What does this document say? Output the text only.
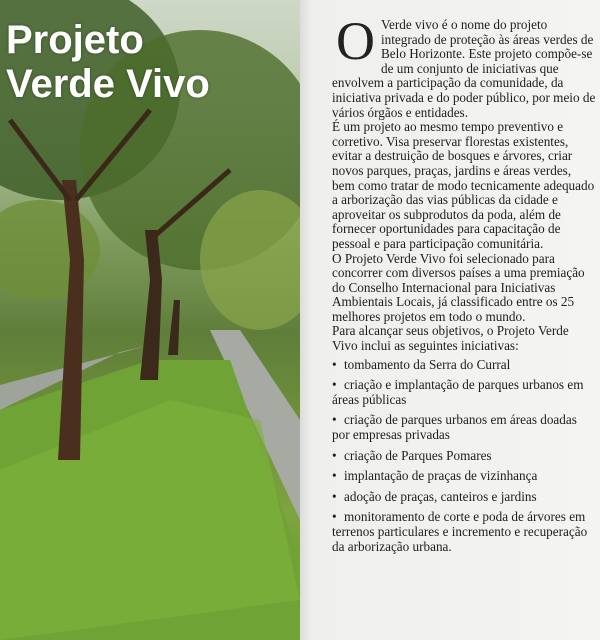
Projeto
Verde Vivo

O Verde vivo é o nome do projeto integrado de proteção às áreas verdes de Belo Horizonte. Este projeto compõe-se de um conjunto de iniciativas que envolvem a participação da comunidade, da iniciativa privada e do poder público, por meio de vários órgãos e entidades.

É um projeto ao mesmo tempo preventivo e corretivo. Visa preservar florestas existentes, evitar a destruição de bosques e árvores, criar novos parques, praças, jardins e áreas verdes, bem como tratar de modo tecnicamente adequado a arborização das vias públicas da cidade e aproveitar os subprodutos da poda, além de fornecer oportunidades para capacitação de pessoal e para participação comunitária.

O Projeto Verde Vivo foi selecionado para concorrer com diversos países a uma premiação do Conselho Internacional para Iniciativas Ambientais Locais, já classificado entre os 25 melhores projetos em todo o mundo.

Para alcançar seus objetivos, o Projeto Verde Vivo inclui as seguintes iniciativas:

• tombamento da Serra do Curral
• criação e implantação de parques urbanos em áreas públicas
• criação de parques urbanos em áreas doadas por empresas privadas
• criação de Parques Pomares
• implantação de praças de vizinhança
• adoção de praças, canteiros e jardins
• monitoramento de corte e poda de árvores em terrenos particulares e incremento e recuperação da arborização urbana.
